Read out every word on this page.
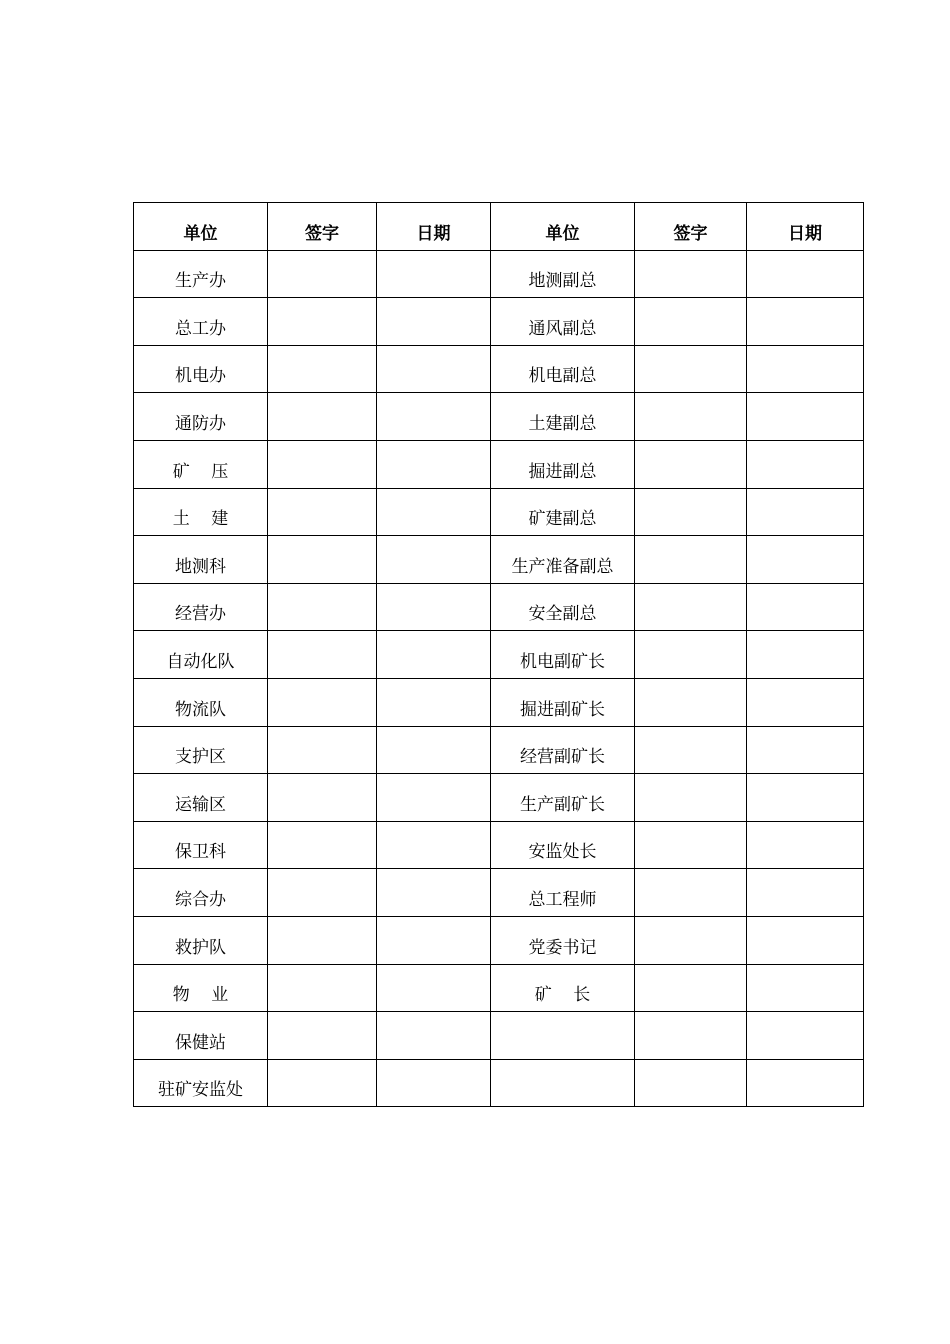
单位	签字	日期	单位	签字	日期
生产办			地测副总		
总工办			通风副总		
机电办			机电副总		
通防办			土建副总		
矿    压			掘进副总		
土    建			矿建副总		
地测科			生产准备副总		
经营办			安全副总		
自动化队			机电副矿长		
物流队			掘进副矿长		
支护区			经营副矿长		
运输区			生产副矿长		
保卫科			安监处长		
综合办			总工程师		
救护队			党委书记		
物    业			矿    长		
保健站					
驻矿安监处					
